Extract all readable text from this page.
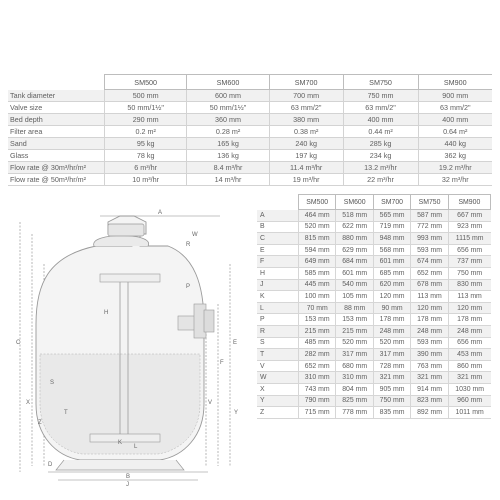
	SM500	SM600	SM700	SM750	SM900
Tank diameter	500 mm	600 mm	700 mm	750 mm	900 mm
Valve size	50 mm/1½"	50 mm/1½"	63 mm/2"	63 mm/2"	63 mm/2"
Bed depth	290 mm	360 mm	380 mm	400 mm	400 mm
Filter area	0.2 m²	0.28 m²	0.38 m²	0.44 m²	0.64 m²
Sand	95 kg	165 kg	240 kg	285 kg	440 kg
Glass	78 kg	136 kg	197 kg	234 kg	362 kg
Flow rate @ 30m³/hr/m²	6 m³/hr	8.4 m³/hr	11.4 m³/hr	13.2 m³/hr	19.2 m³/hr
Flow rate @ 50m³/hr/m²	10 m³/hr	14 m³/hr	19 m³/hr	22 m³/hr	32 m³/hr
A
B
C
D
E
F
H
J
K
L
P
R
S
T
V
W
X
Y
Z
	SM500	SM600	SM700	SM750	SM900
A	464 mm	518 mm	565 mm	587 mm	667 mm
B	520 mm	622 mm	719 mm	772 mm	923 mm
C	815 mm	880 mm	948 mm	993 mm	1115 mm
E	594 mm	629 mm	568 mm	593 mm	656 mm
F	649 mm	684 mm	601 mm	674 mm	737 mm
H	585 mm	601 mm	685 mm	652 mm	750 mm
J	445 mm	540 mm	620 mm	678 mm	830 mm
K	100 mm	105 mm	120 mm	113 mm	113 mm
L	70 mm	88 mm	90 mm	120 mm	120 mm
P	153 mm	153 mm	178 mm	178 mm	178 mm
R	215 mm	215 mm	248 mm	248 mm	248 mm
S	485 mm	520 mm	520 mm	593 mm	656 mm
T	282 mm	317 mm	317 mm	390 mm	453 mm
V	652 mm	680 mm	728 mm	763 mm	860 mm
W	310 mm	310 mm	321 mm	321 mm	321 mm
X	743 mm	804 mm	905 mm	914 mm	1030 mm
Y	790 mm	825 mm	750 mm	823 mm	960 mm
Z	715 mm	778 mm	835 mm	892 mm	1011 mm
